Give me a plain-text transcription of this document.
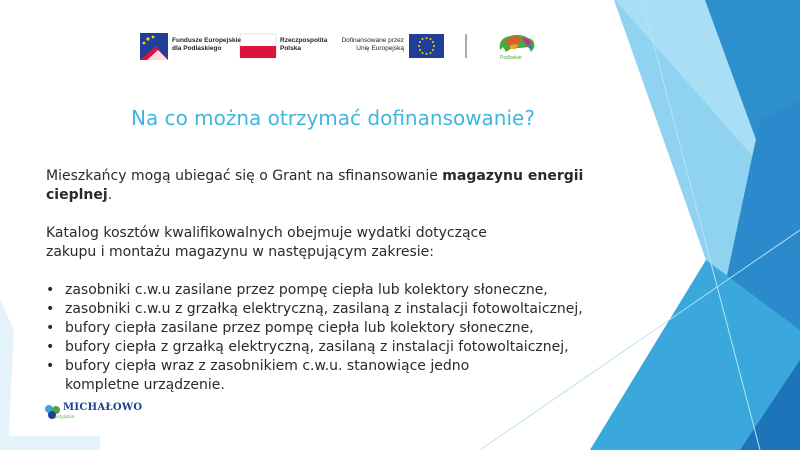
Fundusze Europejskie
dla Podlaskiego
Rzeczpospolita
Polska
Dofinansowane przez
Unię Europejską
Podlaskie
Na co można otrzymać dofinansowanie?

Mieszkańcy mogą ubiegać się o Grant na sfinansowanie magazynu energii cieplnej.

Katalog kosztów kwalifikowalnych obejmuje wydatki dotyczące zakupu i montażu magazynu w następującym zakresie:

• zasobniki c.w.u zasilane przez pompę ciepła lub kolektory słoneczne,
• zasobniki c.w.u z grzałką elektryczną, zasilaną z instalacji fotowoltaicznej,
• bufory ciepła zasilane przez pompę ciepła lub kolektory słoneczne,
• bufory ciepła z grzałką elektryczną, zasilaną z instalacji fotowoltaicznej,
• bufory ciepła wraz z zasobnikiem c.w.u. stanowiące jedno kompletne urządzenie.
MICHAŁOWO
przyjazna
